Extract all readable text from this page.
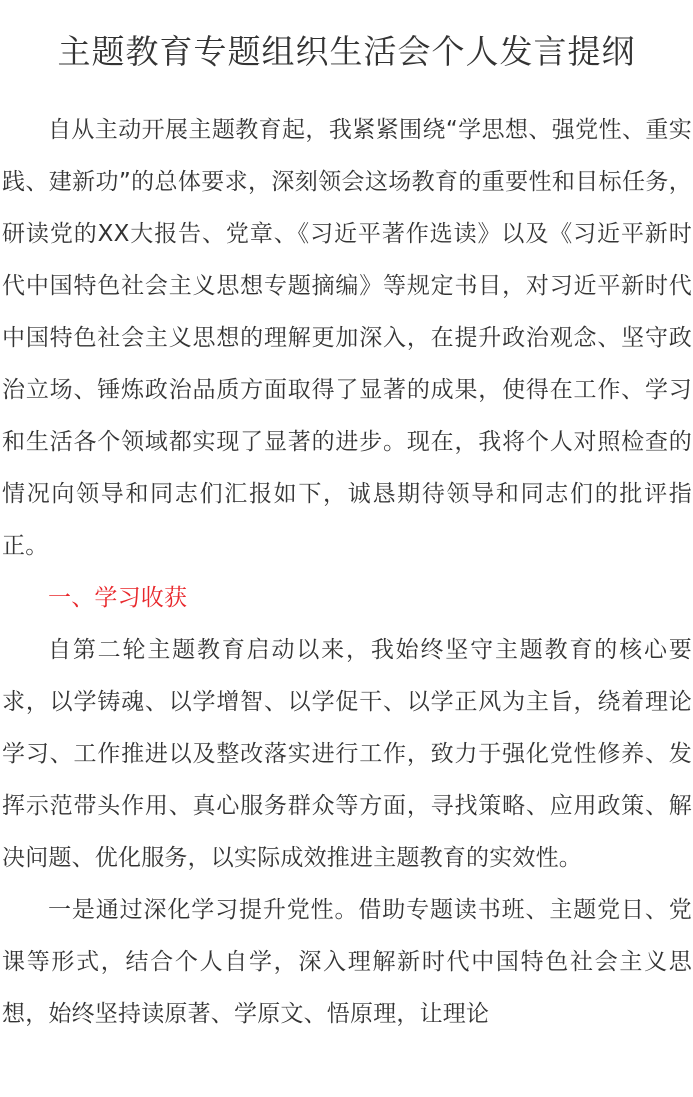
主题教育专题组织生活会个人发言提纲

自从主动开展主题教育起，我紧紧围绕“学思想、强党性、重实践、建新功”的总体要求，深刻领会这场教育的重要性和目标任务，研读党的XX大报告、党章、《习近平著作选读》以及《习近平新时代中国特色社会主义思想专题摘编》等规定书目，对习近平新时代中国特色社会主义思想的理解更加深入，在提升政治观念、坚守政治立场、锤炼政治品质方面取得了显著的成果，使得在工作、学习和生活各个领域都实现了显著的进步。现在，我将个人对照检查的情况向领导和同志们汇报如下，诚恳期待领导和同志们的批评指正。

一、学习收获

自第二轮主题教育启动以来，我始终坚守主题教育的核心要求，以学铸魂、以学增智、以学促干、以学正风为主旨，绕着理论学习、工作推进以及整改落实进行工作，致力于强化党性修养、发挥示范带头作用、真心服务群众等方面，寻找策略、应用政策、解决问题、优化服务，以实际成效推进主题教育的实效性。

一是通过深化学习提升党性。借助专题读书班、主题党日、党课等形式，结合个人自学，深入理解新时代中国特色社会主义思想，始终坚持读原著、学原文、悟原理，让理论
